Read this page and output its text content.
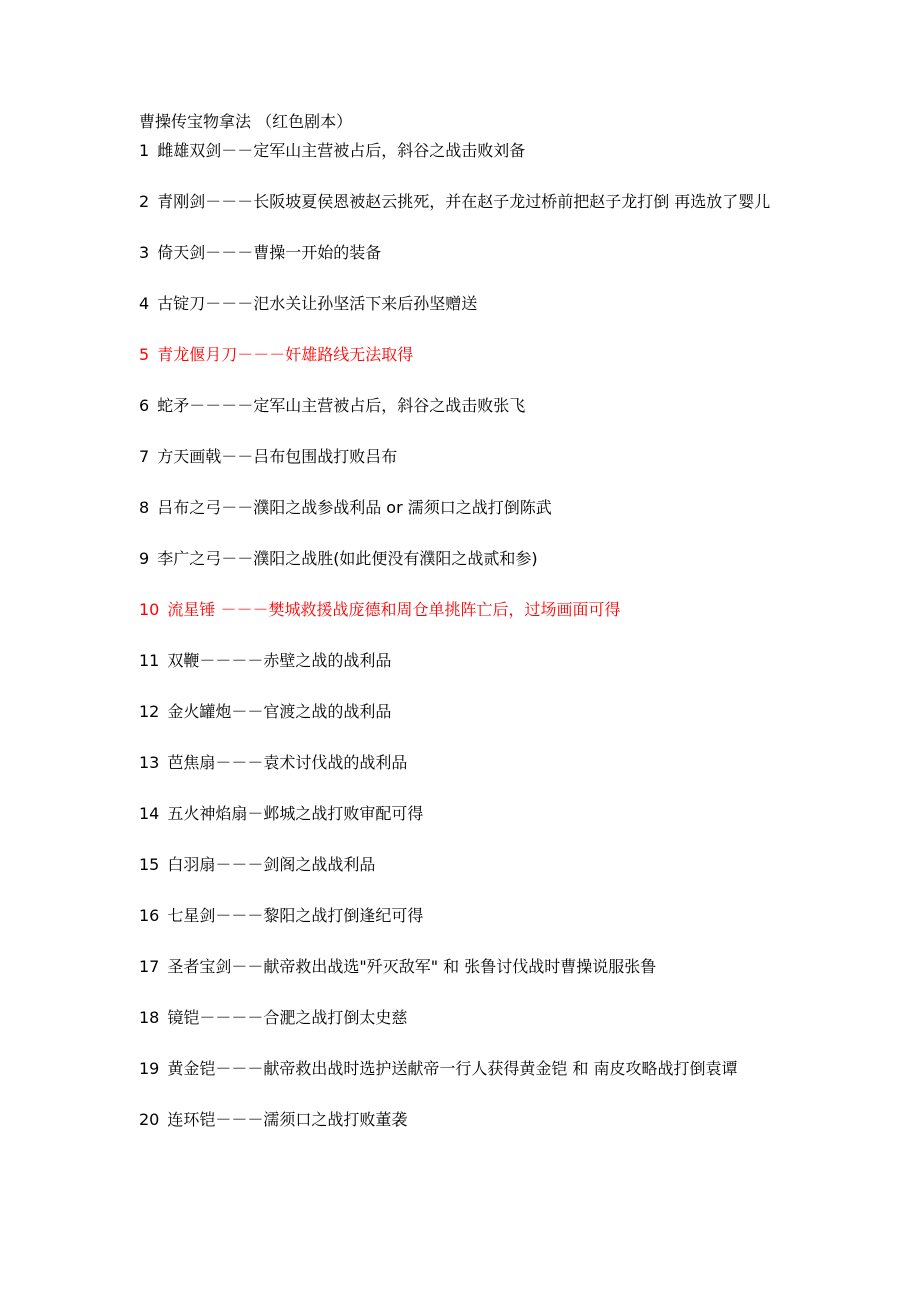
曹操传宝物拿法 （红色剧本）
1 雌雄双剑－－定军山主营被占后，斜谷之战击败刘备
2 青刚剑－－－长阪坡夏侯恩被赵云挑死，并在赵子龙过桥前把赵子龙打倒 再选放了婴儿
3 倚天剑－－－曹操一开始的装备
4 古锭刀－－－汜水关让孙坚活下来后孙坚赠送
5 青龙偃月刀－－－奸雄路线无法取得
6 蛇矛－－－－定军山主营被占后，斜谷之战击败张飞
7 方天画戟－－吕布包围战打败吕布
8 吕布之弓－－濮阳之战参战利品 or 濡须口之战打倒陈武
9 李广之弓－－濮阳之战胜(如此便没有濮阳之战贰和参)
10 流星锤 －－－樊城救援战庞德和周仓单挑阵亡后，过场画面可得
11 双鞭－－－－赤壁之战的战利品
12 金火罐炮－－官渡之战的战利品
13 芭焦扇－－－袁术讨伐战的战利品
14 五火神焰扇－邺城之战打败审配可得
15 白羽扇－－－剑阁之战战利品
16 七星剑－－－黎阳之战打倒逢纪可得
17 圣者宝剑－－献帝救出战选"歼灭敌军" 和 张鲁讨伐战时曹操说服张鲁
18 镜铠－－－－合淝之战打倒太史慈
19 黄金铠－－－献帝救出战时选护送献帝一行人获得黄金铠 和 南皮攻略战打倒袁谭
20 连环铠－－－濡须口之战打败董袭
